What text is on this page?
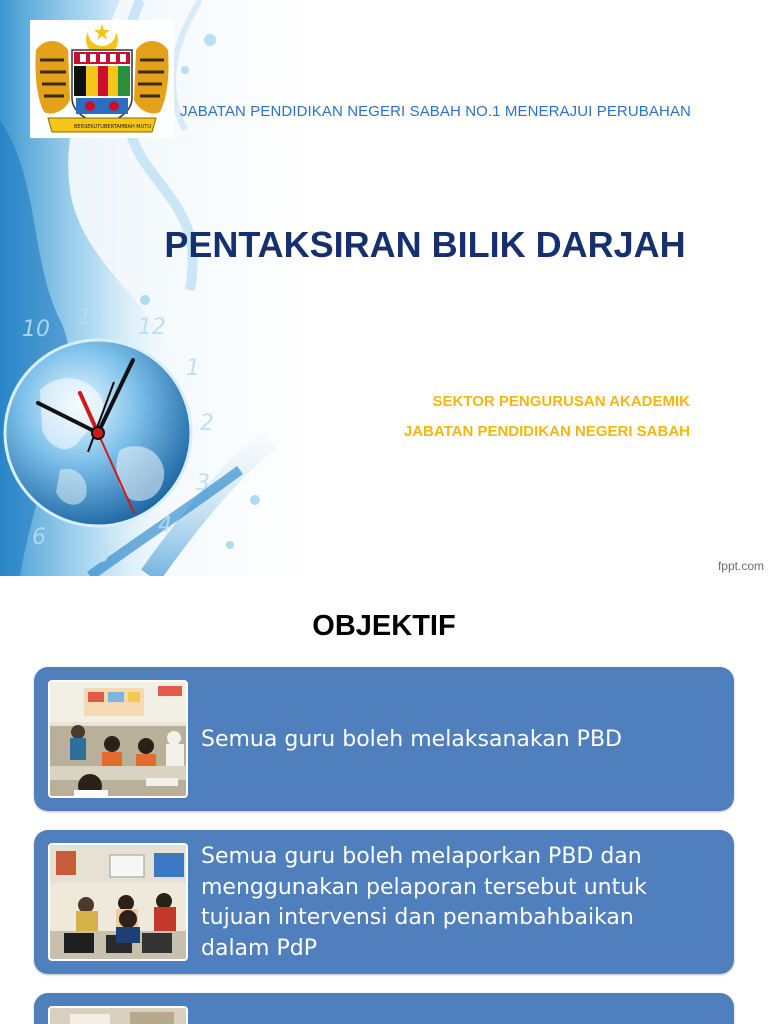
BERSEKUTU BERTAMBAH MUTU
JABATAN PENDIDIKAN NEGERI SABAH NO.1 MENERAJUI PERUBAHAN
PENTAKSIRAN BILIK DARJAH
SEKTOR PENGURUSAN AKADEMIK
JABATAN PENDIDIKAN NEGERI SABAH
10 11 12
1
2
3
4
5
6
fppt.com
OBJEKTIF
Semua guru boleh melaksanakan PBD
Semua guru boleh melaporkan PBD dan menggunakan pelaporan tersebut untuk tujuan intervensi dan penambahbaikan dalam PdP
